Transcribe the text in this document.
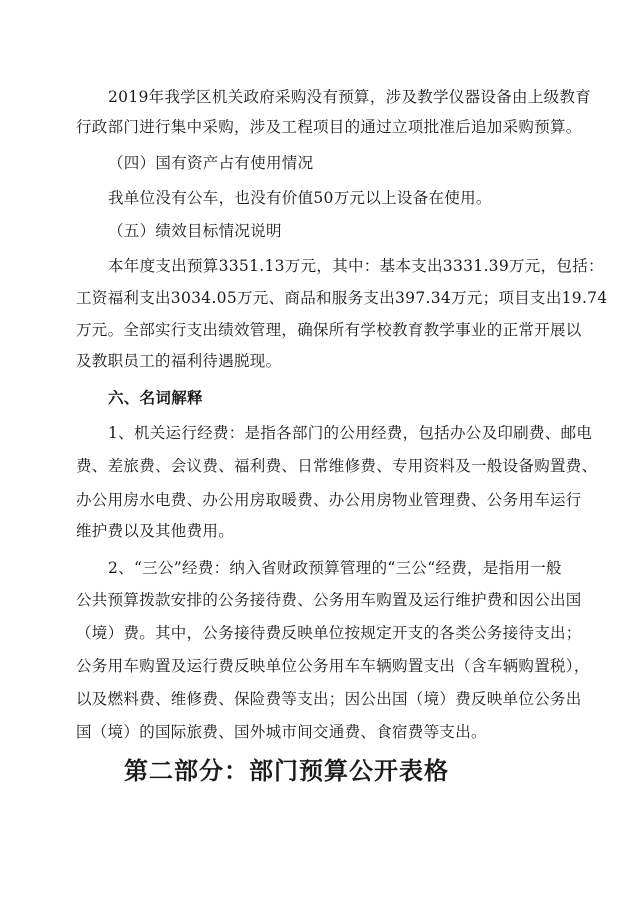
2019年我学区机关政府采购没有预算，涉及教学仪器设备由上级教育
行政部门进行集中采购，涉及工程项目的通过立项批准后追加采购预算。
（四）国有资产占有使用情况
我单位没有公车，也没有价值50万元以上设备在使用。
（五）绩效目标情况说明
本年度支出预算3351.13万元，其中：基本支出3331.39万元，包括：
工资福利支出3034.05万元、商品和服务支出397.34万元；项目支出19.74
万元。全部实行支出绩效管理，确保所有学校教育教学事业的正常开展以
及教职员工的福利待遇脱现。
六、名词解释
1、机关运行经费：是指各部门的公用经费，包括办公及印刷费、邮电
费、差旅费、会议费、福利费、日常维修费、专用资料及一般设备购置费、
办公用房水电费、办公用房取暖费、办公用房物业管理费、公务用车运行
维护费以及其他费用。
2、“三公”经费：纳入省财政预算管理的“三公“经费，是指用一般
公共预算拨款安排的公务接待费、公务用车购置及运行维护费和因公出国
（境）费。其中，公务接待费反映单位按规定开支的各类公务接待支出；
公务用车购置及运行费反映单位公务用车车辆购置支出（含车辆购置税），
以及燃料费、维修费、保险费等支出；因公出国（境）费反映单位公务出
国（境）的国际旅费、国外城市间交通费、食宿费等支出。
第二部分：部门预算公开表格
